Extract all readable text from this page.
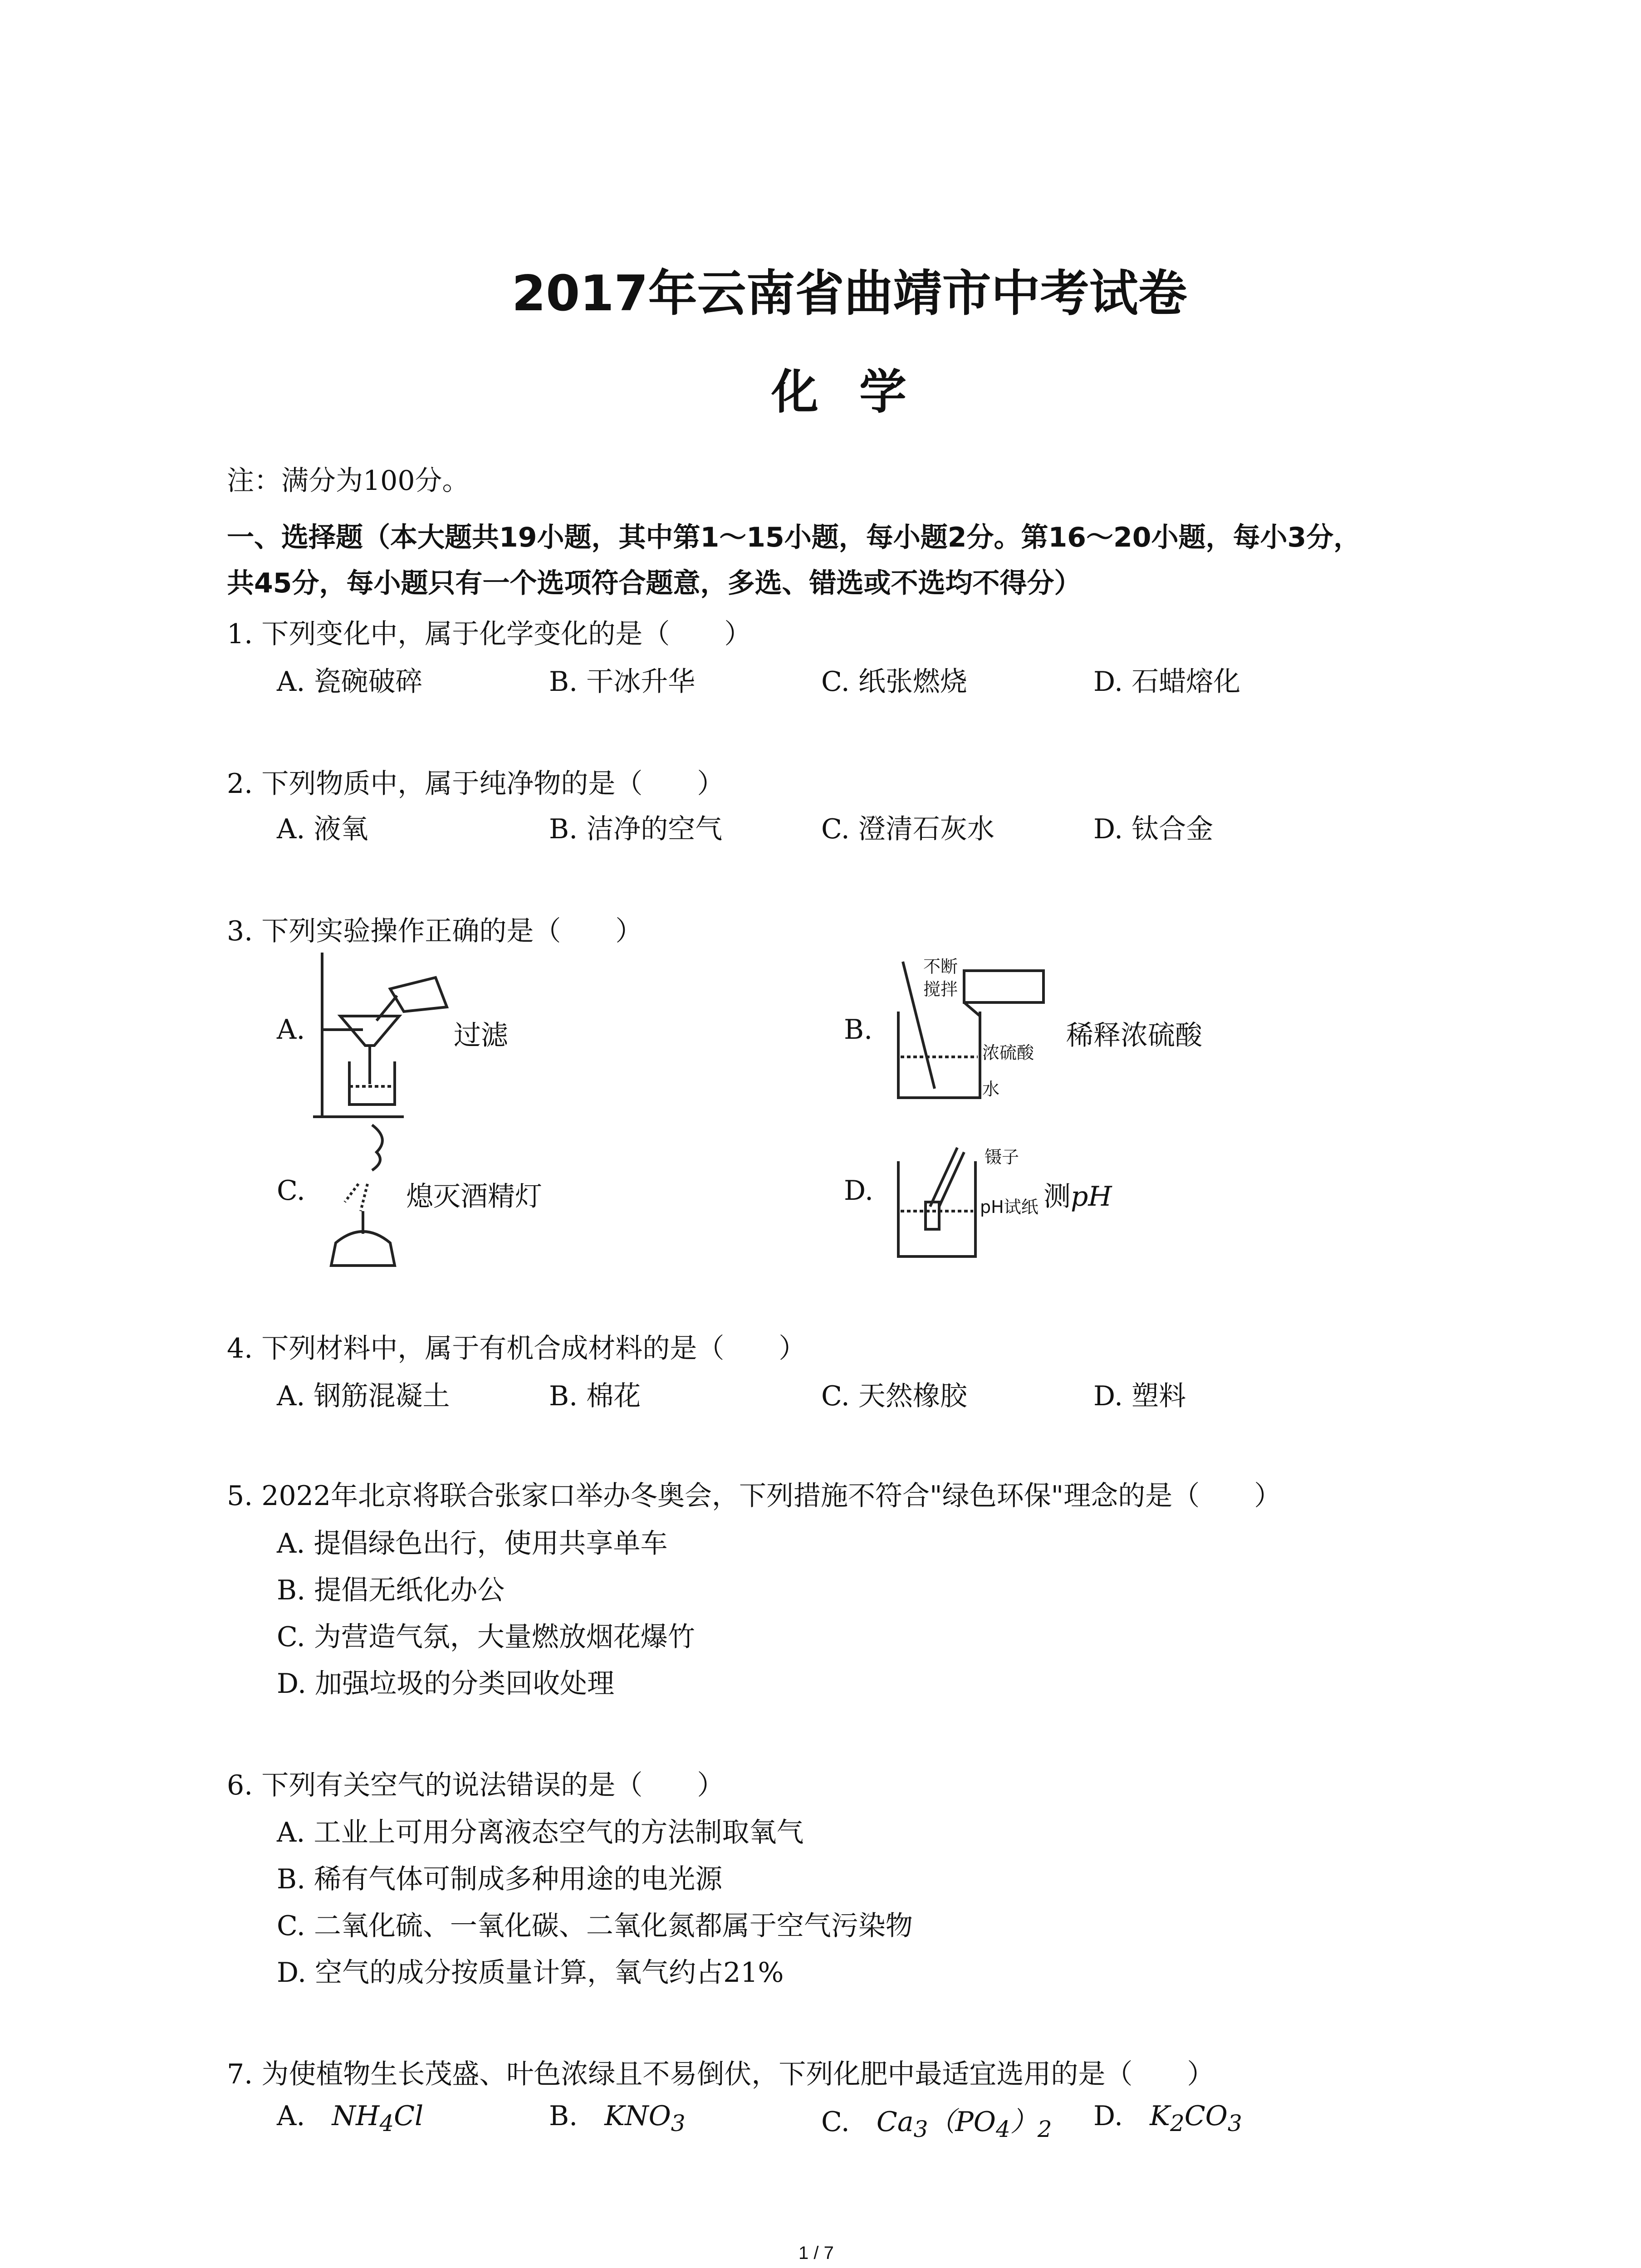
2017年云南省曲靖市中考试卷
化学
注：满分为100分。
一、选择题（本大题共19小题，其中第1～15小题，每小题2分。第16～20小题，每小3分，
共45分，每小题只有一个选项符合题意，多选、错选或不选均不得分）
1. 下列变化中，属于化学变化的是（　　）
A. 瓷碗破碎	B. 干冰升华	C. 纸张燃烧	D. 石蜡熔化
2. 下列物质中，属于纯净物的是（　　）
A. 液氧	B. 洁净的空气	C. 澄清石灰水	D. 钛合金
3. 下列实验操作正确的是（　　）
A.	过滤	B.
不断
搅拌
浓硫酸
水
稀释浓硫酸
C.	熄灭酒精灯	D.
镊子
pH试纸 测pH
4. 下列材料中，属于有机合成材料的是（　　）
A. 钢筋混凝土	B. 棉花	C. 天然橡胶	D. 塑料
5. 2022年北京将联合张家口举办冬奥会，下列措施不符合"绿色环保"理念的是（　　）
A. 提倡绿色出行，使用共享单车
B. 提倡无纸化办公
C. 为营造气氛，大量燃放烟花爆竹
D. 加强垃圾的分类回收处理
6. 下列有关空气的说法错误的是（　　）
A. 工业上可用分离液态空气的方法制取氧气
B. 稀有气体可制成多种用途的电光源
C. 二氧化硫、一氧化碳、二氧化氮都属于空气污染物
D. 空气的成分按质量计算，氧气约占21%
7. 为使植物生长茂盛、叶色浓绿且不易倒伏，下列化肥中最适宜选用的是（　　）
A. $NH_4Cl$	B. $KNO_3$	C. $Ca_3(PO_4)_2$ D. $K_2CO_3$
1 / 7
